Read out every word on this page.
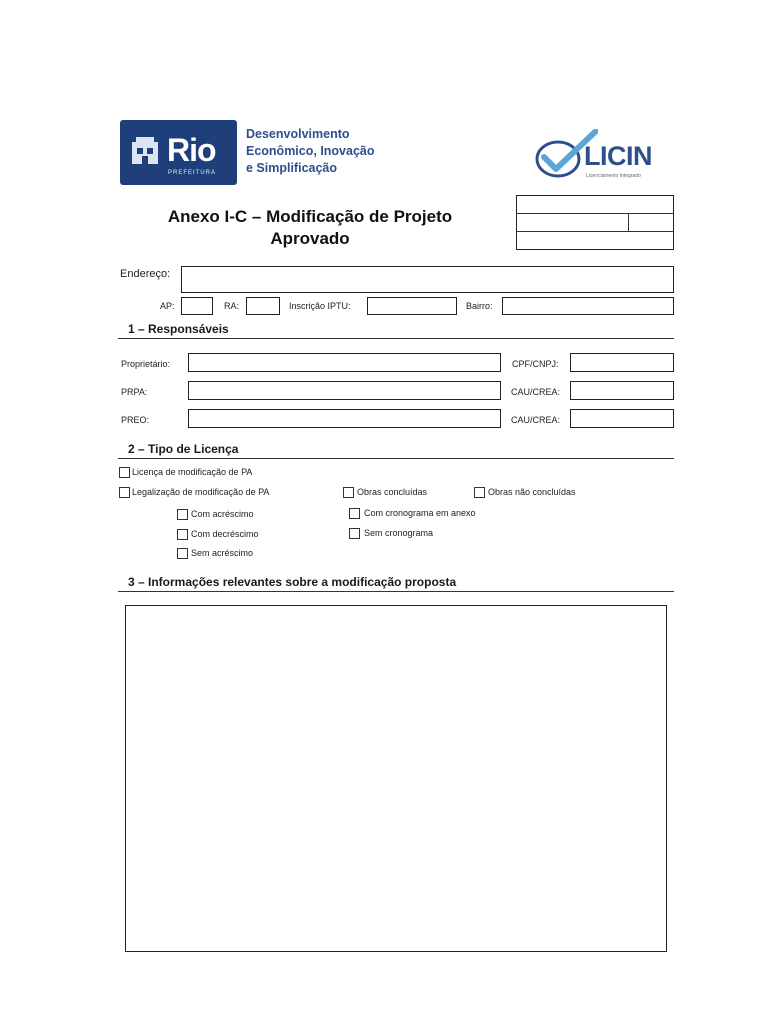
Rio
PREFEITURA
Desenvolvimento
Econômico, Inovação
e Simplificação	LICIN
Licenciamento Integrado
Anexo I-C – Modificação de Projeto
Aprovado
Endereço:
AP:	RA:	Inscrição IPTU:	Bairro:
1 – Responsáveis
Proprietário:	CPF/CNPJ:
PRPA:	CAU/CREA:
PREO:	CAU/CREA:
2 – Tipo de Licença
Licença de modificação de PA
Legalização de modificação de PA	Obras concluídas	Obras não concluídas
Com acréscimo	Com cronograma em anexo
Com decréscimo	Sem cronograma
Sem acréscimo
3 – Informações relevantes sobre a modificação proposta
